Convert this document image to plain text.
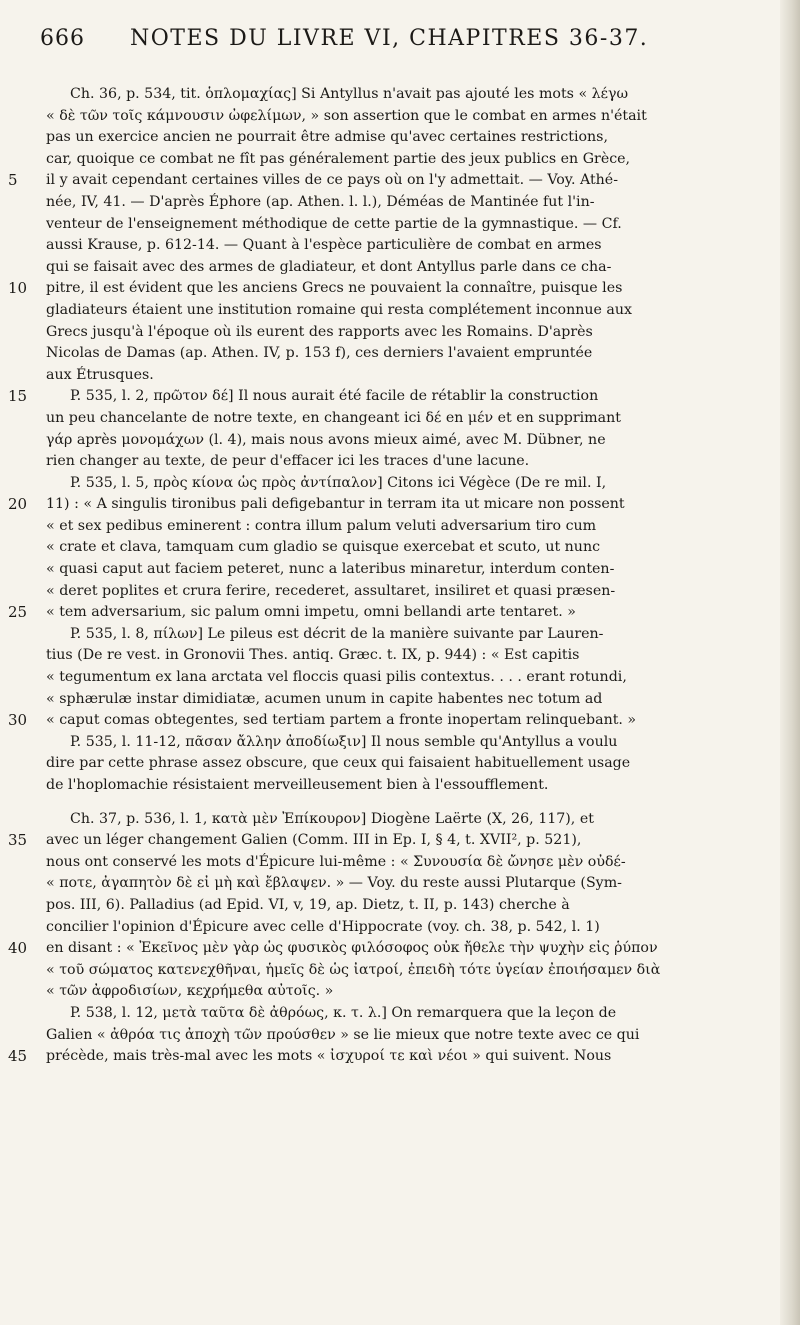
666 NOTES DU LIVRE VI, CHAPITRES 36-37.
Ch. 36, p. 534, tit. ὁπλομαχίας] Si Antyllus n'avait pas ajouté les mots « λέγω
« δὲ τῶν τοῖς κάμνουσιν ὠφελίμων, » son assertion que le combat en armes n'était
pas un exercice ancien ne pourrait être admise qu'avec certaines restrictions,
car, quoique ce combat ne fît pas généralement partie des jeux publics en Grèce,
5	il y avait cependant certaines villes de ce pays où on l'y admettait. — Voy. Athé-
née, IV, 41. — D'après Éphore (ap. Athen. l. l.), Déméas de Mantinée fut l'in-
venteur de l'enseignement méthodique de cette partie de la gymnastique. — Cf.
aussi Krause, p. 612-14. — Quant à l'espèce particulière de combat en armes
qui se faisait avec des armes de gladiateur, et dont Antyllus parle dans ce cha-
10	pitre, il est évident que les anciens Grecs ne pouvaient la connaître, puisque les
gladiateurs étaient une institution romaine qui resta complétement inconnue aux
Grecs jusqu'à l'époque où ils eurent des rapports avec les Romains. D'après
Nicolas de Damas (ap. Athen. IV, p. 153 f), ces derniers l'avaient empruntée
aux Étrusques.
15	P. 535, l. 2, πρῶτον δέ] Il nous aurait été facile de rétablir la construction
un peu chancelante de notre texte, en changeant ici δέ en μέν et en supprimant
γάρ après μονομάχων (l. 4), mais nous avons mieux aimé, avec M. Dübner, ne
rien changer au texte, de peur d'effacer ici les traces d'une lacune.
P. 535, l. 5, πρὸς κίονα ὡς πρὸς ἀντίπαλον] Citons ici Végèce (De re mil. I,
20	11) : « A singulis tironibus pali defigebantur in terram ita ut micare non possent
« et sex pedibus eminerent : contra illum palum veluti adversarium tiro cum
« crate et clava, tamquam cum gladio se quisque exercebat et scuto, ut nunc
« quasi caput aut faciem peteret, nunc a lateribus minaretur, interdum conten-
« deret poplites et crura ferire, recederet, assultaret, insiliret et quasi præsen-
25	« tem adversarium, sic palum omni impetu, omni bellandi arte tentaret. »
P. 535, l. 8, πίλων] Le pileus est décrit de la manière suivante par Lauren-
tius (De re vest. in Gronovii Thes. antiq. Græc. t. IX, p. 944) : « Est capitis
« tegumentum ex lana arctata vel floccis quasi pilis contextus. . . . erant rotundi,
« sphærulæ instar dimidiatæ, acumen unum in capite habentes nec totum ad
30	« caput comas obtegentes, sed tertiam partem a fronte inopertam relinquebant. »
P. 535, l. 11-12, πᾶσαν ἄλλην ἀποδίωξιν] Il nous semble qu'Antyllus a voulu
dire par cette phrase assez obscure, que ceux qui faisaient habituellement usage
de l'hoplomachie résistaient merveilleusement bien à l'essoufflement.
Ch. 37, p. 536, l. 1, κατὰ μὲν Ἐπίκουρον] Diogène Laërte (X, 26, 117), et
35	avec un léger changement Galien (Comm. III in Ep. I, § 4, t. XVII², p. 521),
nous ont conservé les mots d'Épicure lui-même : « Συνουσία δὲ ὤνησε μὲν οὐδέ-
« ποτε, ἀγαπητὸν δὲ εἰ μὴ καὶ ἔβλαψεν. » — Voy. du reste aussi Plutarque (Sym-
pos. III, 6). Palladius (ad Epid. VI, v, 19, ap. Dietz, t. II, p. 143) cherche à
concilier l'opinion d'Épicure avec celle d'Hippocrate (voy. ch. 38, p. 542, l. 1)
40	en disant : « Ἐκεῖνος μὲν γὰρ ὡς φυσικὸς φιλόσοφος οὐκ ἤθελε τὴν ψυχὴν εἰς ῥύπον
« τοῦ σώματος κατενεχθῆναι, ἡμεῖς δὲ ὡς ἰατροί, ἐπειδὴ τότε ὑγείαν ἐποιήσαμεν διὰ
« τῶν ἀφροδισίων, κεχρήμεθα αὐτοῖς. »
P. 538, l. 12, μετὰ ταῦτα δὲ ἀθρόως, κ. τ. λ.] On remarquera que la leçon de
Galien « ἀθρόα τις ἀποχὴ τῶν προύσθεν » se lie mieux que notre texte avec ce qui
45	précède, mais très-mal avec les mots « ἰσχυροί τε καὶ νέοι » qui suivent. Nous
